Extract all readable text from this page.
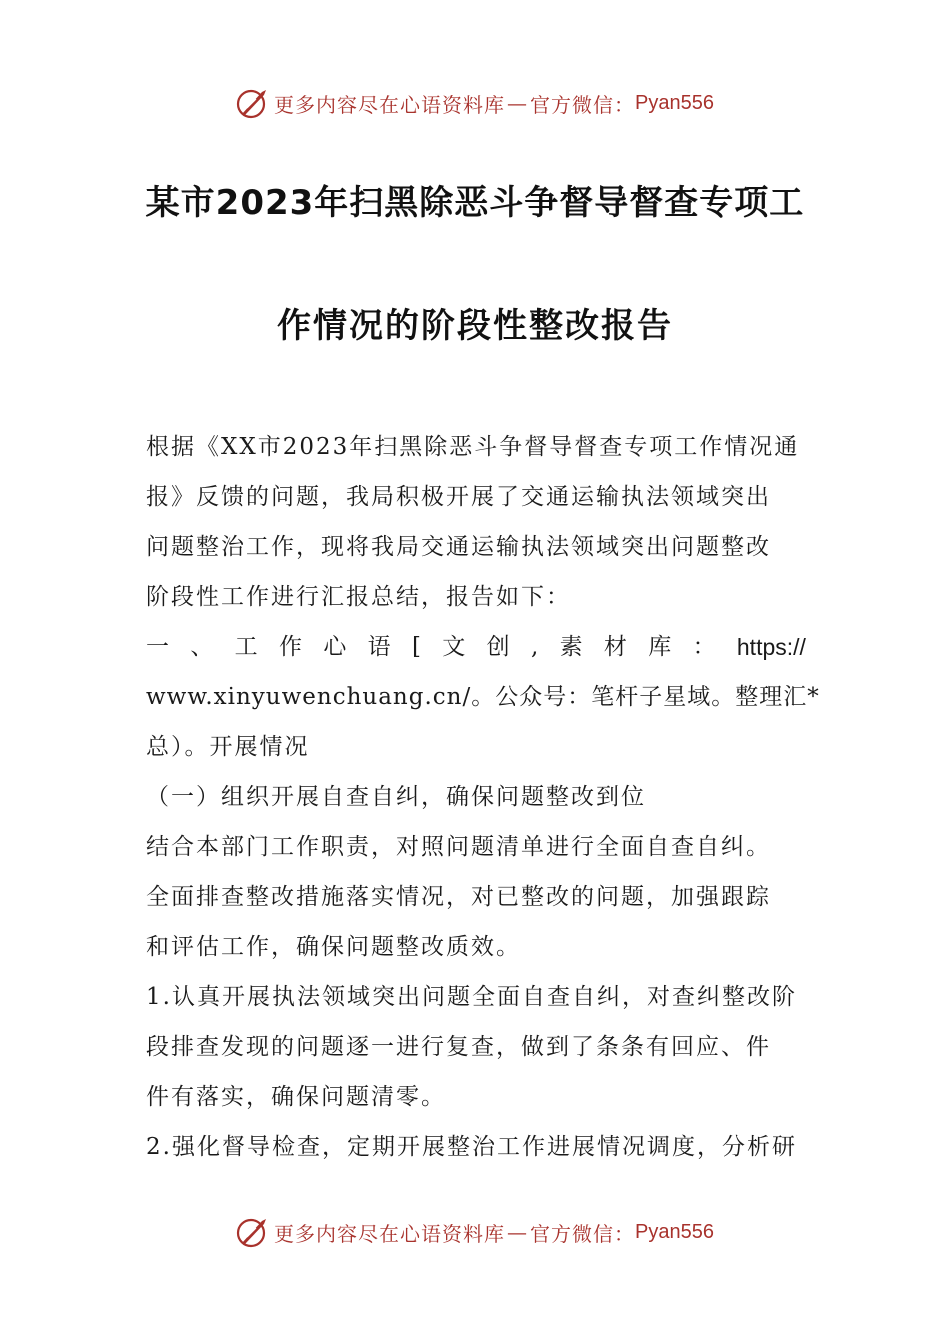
更多内容尽在心语资料库 — 官方微信： Pyan556
某市2023年扫黑除恶斗争督导督查专项工
作情况的阶段性整改报告
根据《XX市2023年扫黑除恶斗争督导督查专项工作情况通
报》反馈的问题，我局积极开展了交通运输执法领域突出
问题整治工作，现将我局交通运输执法领域突出问题整改
阶段性工作进行汇报总结，报告如下：
一 、 工 作 心 语 [ 文 创 , 素 材 库 ： https://
www.xinyuwenchuang.cn/。公众号：笔杆子星域。整理汇*
总）。开展情况
（一）组织开展自查自纠，确保问题整改到位
结合本部门工作职责，对照问题清单进行全面自查自纠。
全面排查整改措施落实情况，对已整改的问题，加强跟踪
和评估工作，确保问题整改质效。
1.认真开展执法领域突出问题全面自查自纠，对查纠整改阶
段排查发现的问题逐一进行复查，做到了条条有回应、件
件有落实，确保问题清零。
2.强化督导检查，定期开展整治工作进展情况调度，分析研
更多内容尽在心语资料库 — 官方微信： Pyan556
